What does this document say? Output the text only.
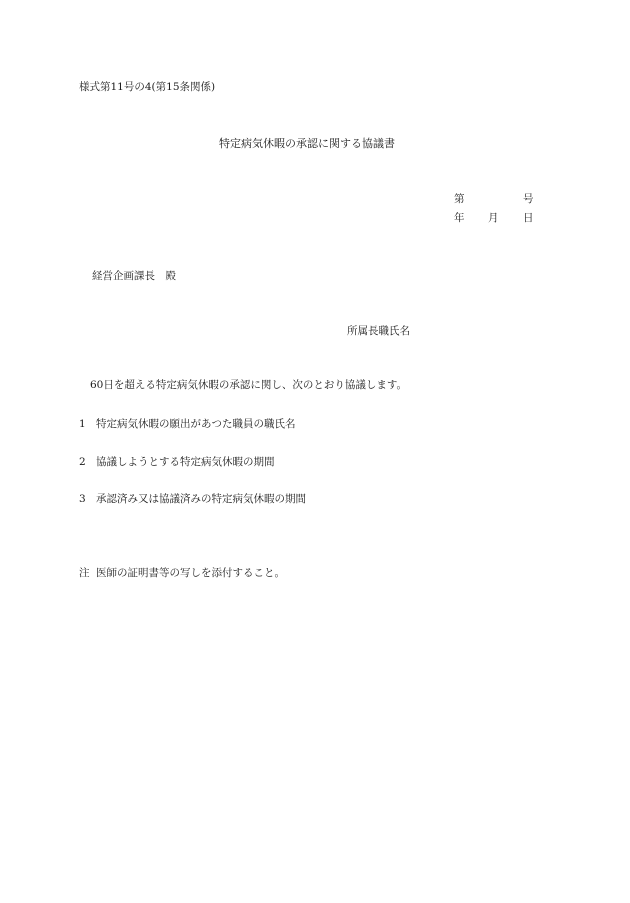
様式第11号の4(第15条関係)
特定病気休暇の承認に関する協議書
第	号
年 月 日
経営企画課長　殿
所属長職氏名
60日を超える特定病気休暇の承認に関し、次のとおり協議します。
1 特定病気休暇の願出があつた職員の職氏名
2 協議しようとする特定病気休暇の期間
3 承認済み又は協議済みの特定病気休暇の期間
注 医師の証明書等の写しを添付すること。
